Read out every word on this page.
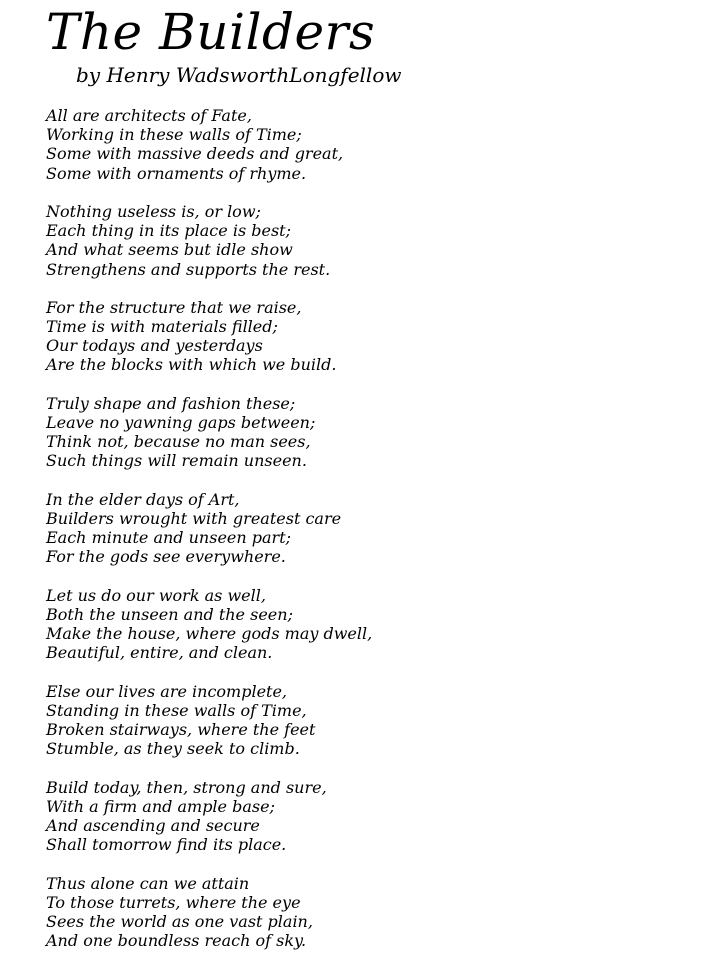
The Builders
by Henry WadsworthLongfellow
All are architects of Fate,
Working in these walls of Time;
Some with massive deeds and great,
Some with ornaments of rhyme.
Nothing useless is, or low;
Each thing in its place is best;
And what seems but idle show
Strengthens and supports the rest.
For the structure that we raise,
Time is with materials filled;
Our todays and yesterdays
Are the blocks with which we build.
Truly shape and fashion these;
Leave no yawning gaps between;
Think not, because no man sees,
Such things will remain unseen.
In the elder days of Art,
Builders wrought with greatest care
Each minute and unseen part;
For the gods see everywhere.
Let us do our work as well,
Both the unseen and the seen;
Make the house, where gods may dwell,
Beautiful, entire, and clean.
Else our lives are incomplete,
Standing in these walls of Time,
Broken stairways, where the feet
Stumble, as they seek to climb.
Build today, then, strong and sure,
With a firm and ample base;
And ascending and secure
Shall tomorrow find its place.
Thus alone can we attain
To those turrets, where the eye
Sees the world as one vast plain,
And one boundless reach of sky.
